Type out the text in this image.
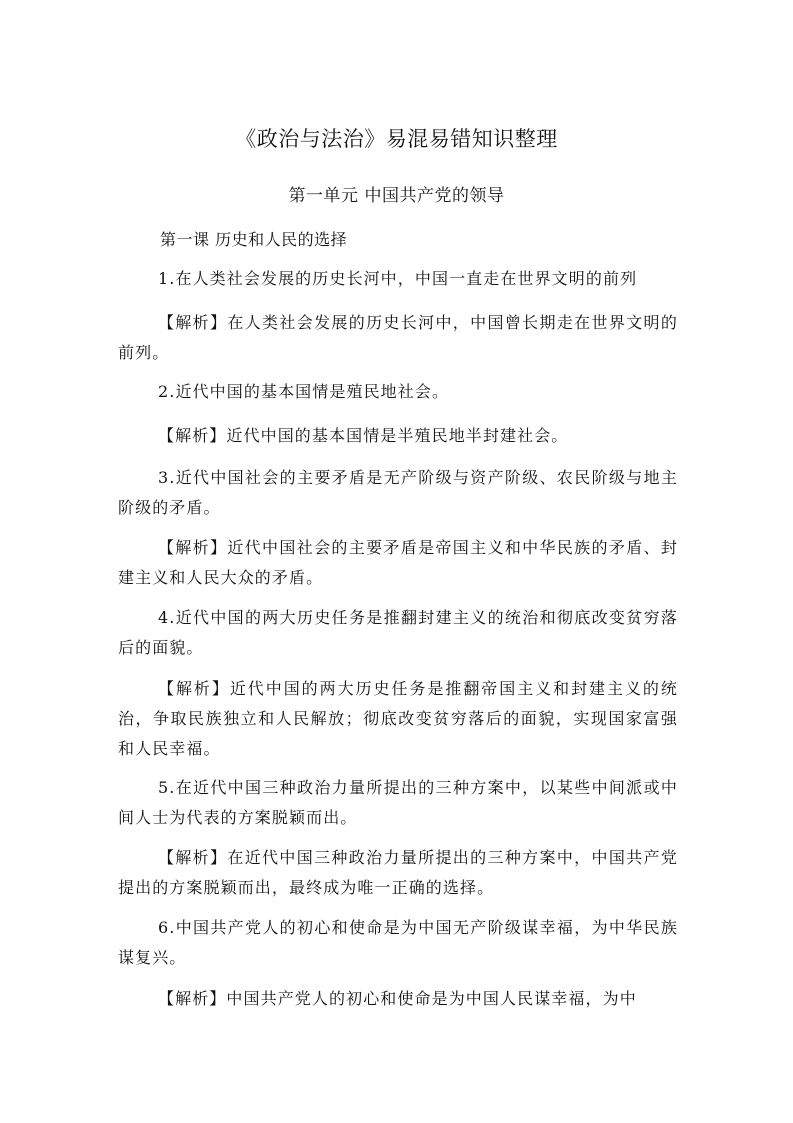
《政治与法治》易混易错知识整理
第一单元 中国共产党的领导
第一课 历史和人民的选择

1.在人类社会发展的历史长河中，中国一直走在世界文明的前列

【解析】在人类社会发展的历史长河中，中国曾长期走在世界文明的前列。

2.近代中国的基本国情是殖民地社会。

【解析】近代中国的基本国情是半殖民地半封建社会。

3.近代中国社会的主要矛盾是无产阶级与资产阶级、农民阶级与地主阶级的矛盾。

【解析】近代中国社会的主要矛盾是帝国主义和中华民族的矛盾、封建主义和人民大众的矛盾。

4.近代中国的两大历史任务是推翻封建主义的统治和彻底改变贫穷落后的面貌。

【解析】近代中国的两大历史任务是推翻帝国主义和封建主义的统治，争取民族独立和人民解放；彻底改变贫穷落后的面貌，实现国家富强和人民幸福。

5.在近代中国三种政治力量所提出的三种方案中，以某些中间派或中间人士为代表的方案脱颖而出。

【解析】在近代中国三种政治力量所提出的三种方案中，中国共产党提出的方案脱颖而出，最终成为唯一正确的选择。

6.中国共产党人的初心和使命是为中国无产阶级谋幸福，为中华民族谋复兴。

【解析】中国共产党人的初心和使命是为中国人民谋幸福，为中
